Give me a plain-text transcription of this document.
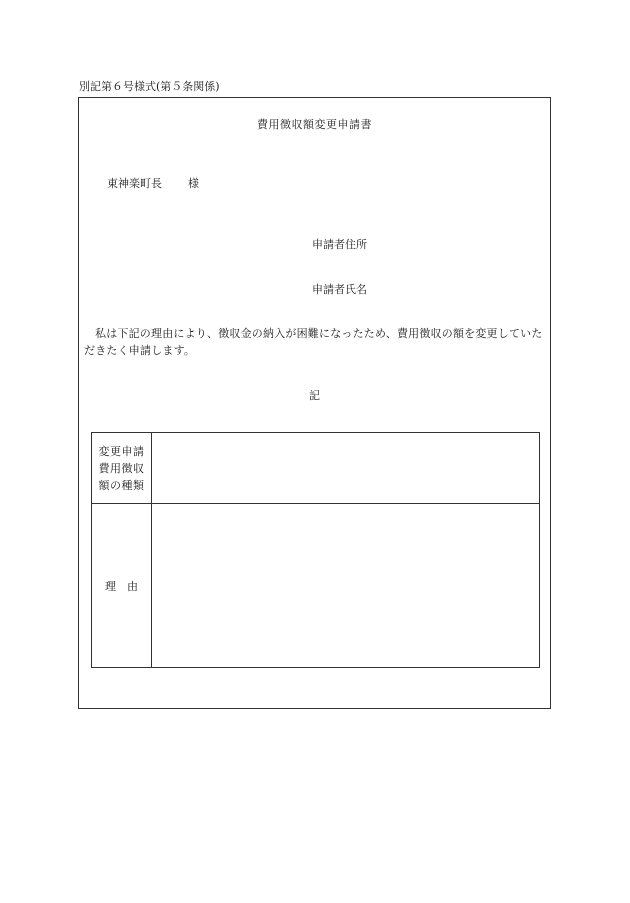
別記第６号様式(第５条関係)
費用徴収額変更申請書
東神楽町長 様
申請者住所
申請者氏名
私は下記の理由により、徴収金の納入が困難になったため、費用徴収の額を変更していただきたく申請します。
記
変更申請
費用徴収
額の種類
理　由
